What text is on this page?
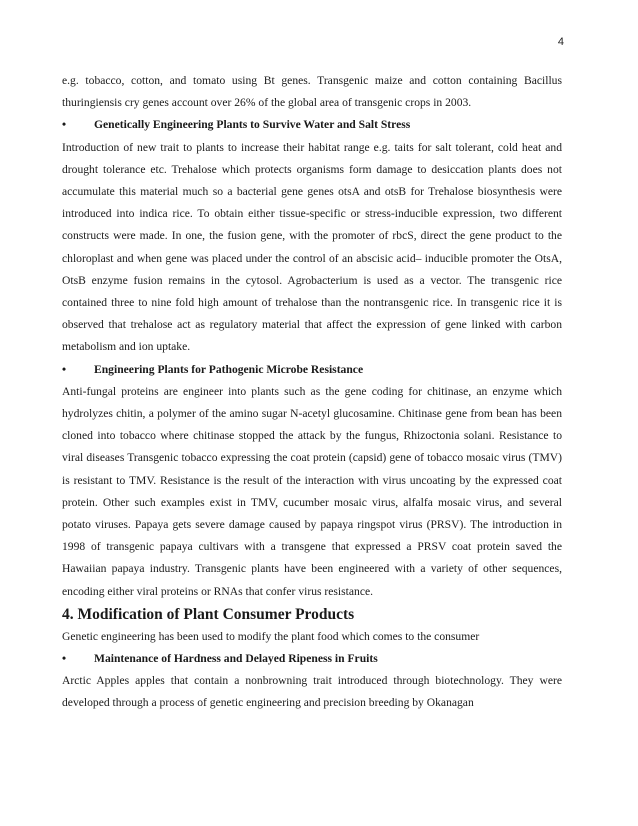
4

e.g. tobacco, cotton, and tomato using Bt genes. Transgenic maize and cotton containing Bacillus thuringiensis cry genes account over 26% of the global area of transgenic crops in 2003.

•	Genetically Engineering Plants to Survive Water and Salt Stress

Introduction of new trait to plants to increase their habitat range e.g. taits for salt tolerant, cold heat and drought tolerance etc. Trehalose which protects organisms form damage to desiccation plants does not accumulate this material much so a bacterial gene genes otsA and otsB for Trehalose biosynthesis were introduced into indica rice. To obtain either tissue-specific or stress-inducible expression, two different constructs were made. In one, the fusion gene, with the promoter of rbcS, direct the gene product to the chloroplast and when gene was placed under the control of an abscisic acid– inducible promoter the OtsA, OtsB enzyme fusion remains in the cytosol. Agrobacterium is used as a vector. The transgenic rice contained three to nine fold high amount of trehalose than the nontransgenic rice. In transgenic rice it is observed that trehalose act as regulatory material that affect the expression of gene linked with carbon metabolism and ion uptake.

•	Engineering Plants for Pathogenic Microbe Resistance

Anti-fungal proteins are engineer into plants such as the gene coding for chitinase, an enzyme which hydrolyzes chitin, a polymer of the amino sugar N-acetyl glucosamine. Chitinase gene from bean has been cloned into tobacco where chitinase stopped the attack by the fungus, Rhizoctonia solani. Resistance to viral diseases Transgenic tobacco expressing the coat protein (capsid) gene of tobacco mosaic virus (TMV) is resistant to TMV. Resistance is the result of the interaction with virus uncoating by the expressed coat protein. Other such examples exist in TMV, cucumber mosaic virus, alfalfa mosaic virus, and several potato viruses. Papaya gets severe damage caused by papaya ringspot virus (PRSV). The introduction in 1998 of transgenic papaya cultivars with a transgene that expressed a PRSV coat protein saved the Hawaiian papaya industry. Transgenic plants have been engineered with a variety of other sequences, encoding either viral proteins or RNAs that confer virus resistance.

4. Modification of Plant Consumer Products

Genetic engineering has been used to modify the plant food which comes to the consumer

•	Maintenance of Hardness and Delayed Ripeness in Fruits

Arctic Apples apples that contain a nonbrowning trait introduced through biotechnology. They were developed through a process of genetic engineering and precision breeding by Okanagan
